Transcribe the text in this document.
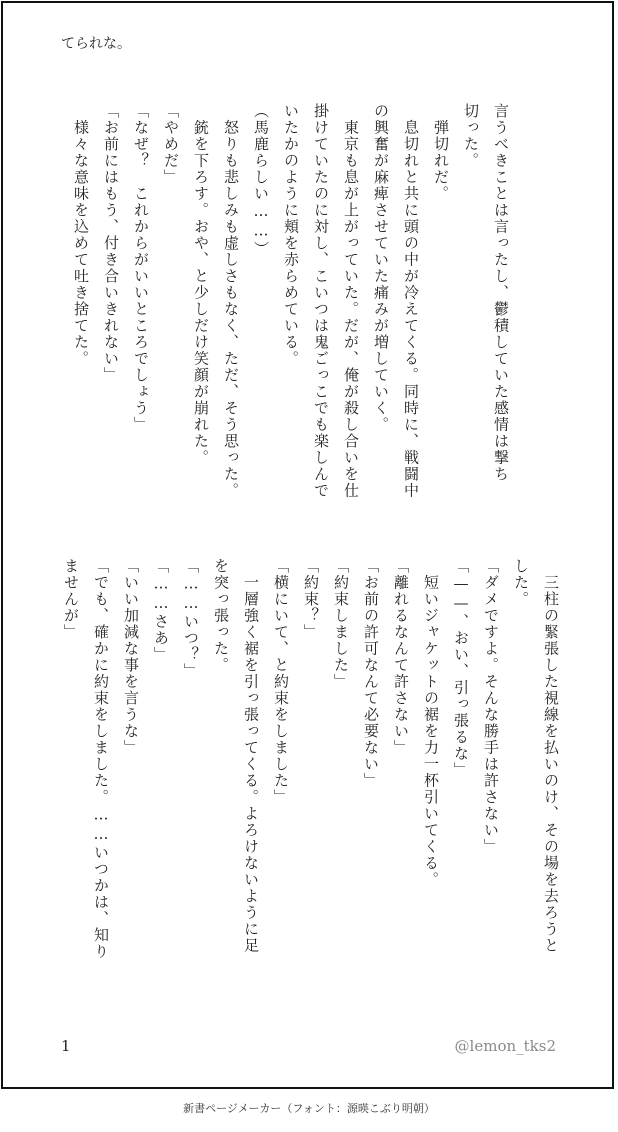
てられな。
言うべきことは言ったし、鬱積していた感情は撃ち
切った。
　弾切れだ。
　息切れと共に頭の中が冷えてくる。同時に、戦闘中
の興奮が麻痺させていた痛みが増していく。
　東京も息が上がっていた。だが、俺が殺し合いを仕
掛けていたのに対し、こいつは鬼ごっこでも楽しんで
いたかのように頬を赤らめている。
（馬鹿らしい……）
　怒りも悲しみも虚しさもなく、ただ、そう思った。
　銃を下ろす。おや、と少しだけ笑顔が崩れた。
「やめだ」
「なぜ？　これからがいいところでしょう」
「お前にはもう、付き合いきれない」
　様々な意味を込めて吐き捨てた。
　三柱の緊張した視線を払いのけ、その場を去ろうと
した。
「ダメですよ。そんな勝手は許さない」
「——、おい、引っ張るな」
　短いジャケットの裾を力一杯引いてくる。
「離れるなんて許さない」
「お前の許可なんて必要ない」
「約束しました」
「約束？」
「横にいて、と約束をしました」
　一層強く裾を引っ張ってくる。よろけないように足
を突っ張った。
「……いつ？」
「……さあ」
「いい加減な事を言うな」
「でも、確かに約束をしました。……いつかは、知り
ませんが」
1	@lemon_tks2
新書ページメーカー（フォント：源暎こぶり明朝）
